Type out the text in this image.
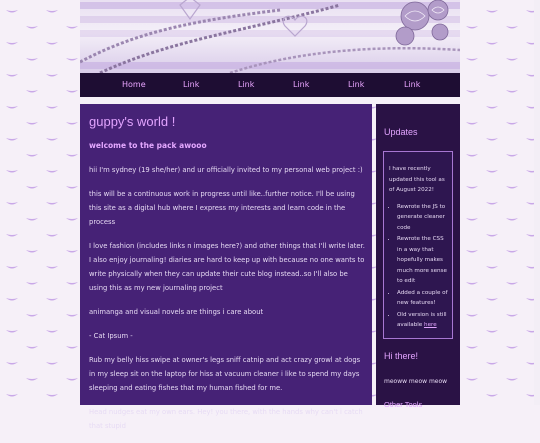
Home	Link	Link	Link	Link	Link
guppy's world !
welcome to the pack awooo

hii I'm sydney (19 she/her) and ur officially invited to my personal web project :)

this will be a continuous work in progress until like..further notice. I'll be using this site as a digital hub where I express my interests and learn code in the process

I love fashion (includes links n images here?) and other things that I'll write later. I also enjoy journaling! diaries are hard to keep up with because no one wants to write physically when they can update their cute blog instead..so I'll also be using this as my new journaling project

animanga and visual novels are things i care about

- Cat Ipsum -

Rub my belly hiss swipe at owner's legs sniff catnip and act crazy growl at dogs in my sleep sit on the laptop for hiss at vacuum cleaner i like to spend my days sleeping and eating fishes that my human fished for me.

Head nudges eat my own ears. Hey! you there, with the hands why can't i catch that stupid

Updates
I have recently updated this tool as of August 2022!
• Rewrote the JS to generate cleaner code
• Rewrote the CSS in a way that hopefully makes much more sense to edit
• Added a couple of new features!
• Old version is still available here
Hi there!
meoww meow meow
Other Tools
